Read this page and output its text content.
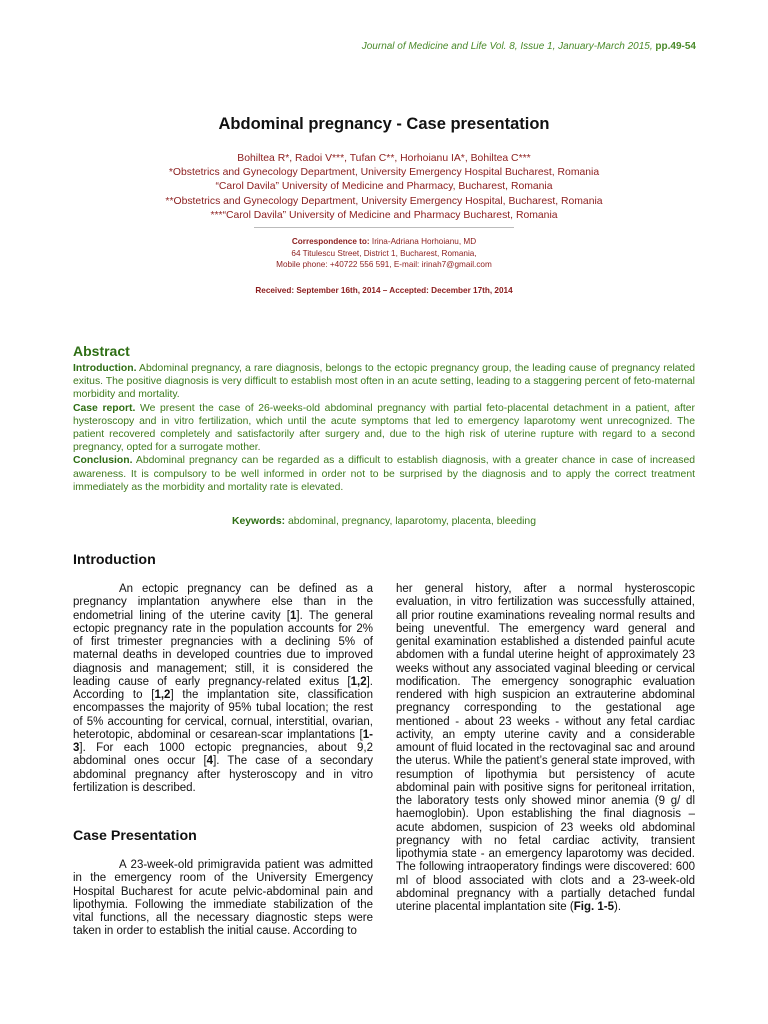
Journal of Medicine and Life Vol. 8, Issue 1, January-March 2015, pp.49-54
Abdominal pregnancy - Case presentation
Bohiltea R*, Radoi V***, Tufan C**, Horhoianu IA*, Bohiltea C***
*Obstetrics and Gynecology Department, University Emergency Hospital Bucharest, Romania
“Carol Davila” University of Medicine and Pharmacy, Bucharest, Romania
**Obstetrics and Gynecology Department, University Emergency Hospital, Bucharest, Romania
***“Carol Davila” University of Medicine and Pharmacy Bucharest, Romania
Correspondence to: Irina-Adriana Horhoianu, MD
64 Titulescu Street, District 1, Bucharest, Romania,
Mobile phone: +40722 556 591, E-mail: irinah7@gmail.com
Received: September 16th, 2014 – Accepted: December 17th, 2014
Abstract

Introduction. Abdominal pregnancy, a rare diagnosis, belongs to the ectopic pregnancy group, the leading cause of pregnancy related exitus. The positive diagnosis is very difficult to establish most often in an acute setting, leading to a staggering percent of feto-maternal morbidity and mortality.

Case report. We present the case of 26-weeks-old abdominal pregnancy with partial feto-placental detachment in a patient, after hysteroscopy and in vitro fertilization, which until the acute symptoms that led to emergency laparotomy went unrecognized. The patient recovered completely and satisfactorily after surgery and, due to the high risk of uterine rupture with regard to a second pregnancy, opted for a surrogate mother.

Conclusion. Abdominal pregnancy can be regarded as a difficult to establish diagnosis, with a greater chance in case of increased awareness. It is compulsory to be well informed in order not to be surprised by the diagnosis and to apply the correct treatment immediately as the morbidity and mortality rate is elevated.

Keywords: abdominal, pregnancy, laparotomy, placenta, bleeding
Introduction

An ectopic pregnancy can be defined as a pregnancy implantation anywhere else than in the endometrial lining of the uterine cavity [1]. The general ectopic pregnancy rate in the population accounts for 2% of first trimester pregnancies with a declining 5% of maternal deaths in developed countries due to improved diagnosis and management; still, it is considered the leading cause of early pregnancy-related exitus [1,2]. According to [1,2] the implantation site, classification encompasses the majority of 95% tubal location; the rest of 5% accounting for cervical, cornual, interstitial, ovarian, heterotopic, abdominal or cesarean-scar implantations [1-3]. For each 1000 ectopic pregnancies, about 9,2 abdominal ones occur [4]. The case of a secondary abdominal pregnancy after hysteroscopy and in vitro fertilization is described.

Case Presentation

A 23-week-old primigravida patient was admitted in the emergency room of the University Emergency Hospital Bucharest for acute pelvic-abdominal pain and lipothymia. Following the immediate stabilization of the vital functions, all the necessary diagnostic steps were taken in order to establish the initial cause. According to

her general history, after a normal hysteroscopic evaluation, in vitro fertilization was successfully attained, all prior routine examinations revealing normal results and being uneventful. The emergency ward general and genital examination established a distended painful acute abdomen with a fundal uterine height of approximately 23 weeks without any associated vaginal bleeding or cervical modification. The emergency sonographic evaluation rendered with high suspicion an extrauterine abdominal pregnancy corresponding to the gestational age mentioned - about 23 weeks - without any fetal cardiac activity, an empty uterine cavity and a considerable amount of fluid located in the rectovaginal sac and around the uterus. While the patient’s general state improved, with resumption of lipothymia but persistency of acute abdominal pain with positive signs for peritoneal irritation, the laboratory tests only showed minor anemia (9 g/ dl haemoglobin). Upon establishing the final diagnosis – acute abdomen, suspicion of 23 weeks old abdominal pregnancy with no fetal cardiac activity, transient lipothymia state - an emergency laparotomy was decided. The following intraoperatory findings were discovered: 600 ml of blood associated with clots and a 23-week-old abdominal pregnancy with a partially detached fundal uterine placental implantation site (Fig. 1-5).
